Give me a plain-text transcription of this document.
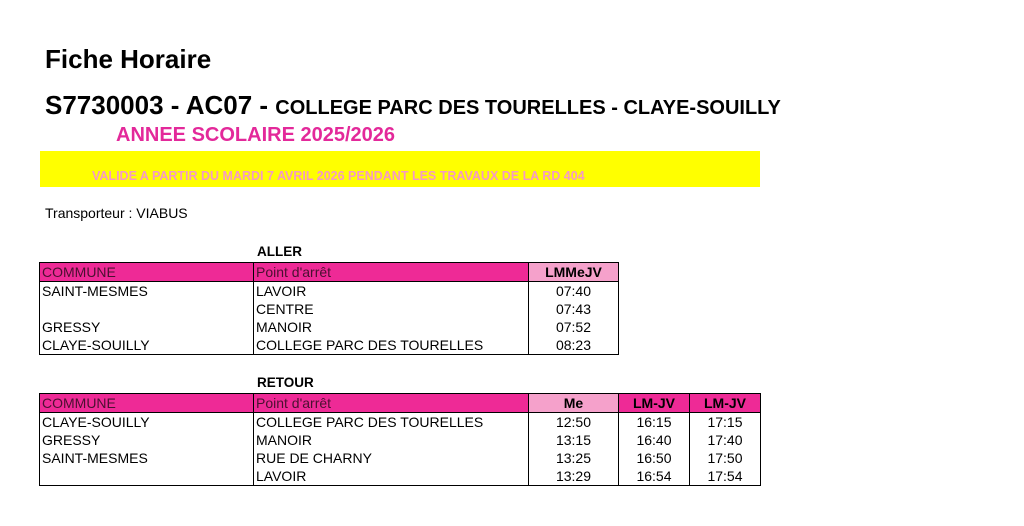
Fiche Horaire
S7730003 - AC07 - COLLEGE PARC DES TOURELLES - CLAYE-SOUILLY
ANNEE SCOLAIRE 2025/2026
VALIDE A PARTIR DU MARDI 7 AVRIL 2026 PENDANT LES TRAVAUX DE LA RD 404
Transporteur : VIABUS
ALLER
COMMUNE	Point d'arrêt	LMMeJV
SAINT-MESMES	LAVOIR	07:40
	CENTRE	07:43
GRESSY	MANOIR	07:52
CLAYE-SOUILLY	COLLEGE PARC DES TOURELLES	08:23
RETOUR
COMMUNE	Point d'arrêt	Me	LM-JV	LM-JV
CLAYE-SOUILLY	COLLEGE PARC DES TOURELLES	12:50	16:15	17:15
GRESSY	MANOIR	13:15	16:40	17:40
SAINT-MESMES	RUE DE CHARNY	13:25	16:50	17:50
	LAVOIR	13:29	16:54	17:54
